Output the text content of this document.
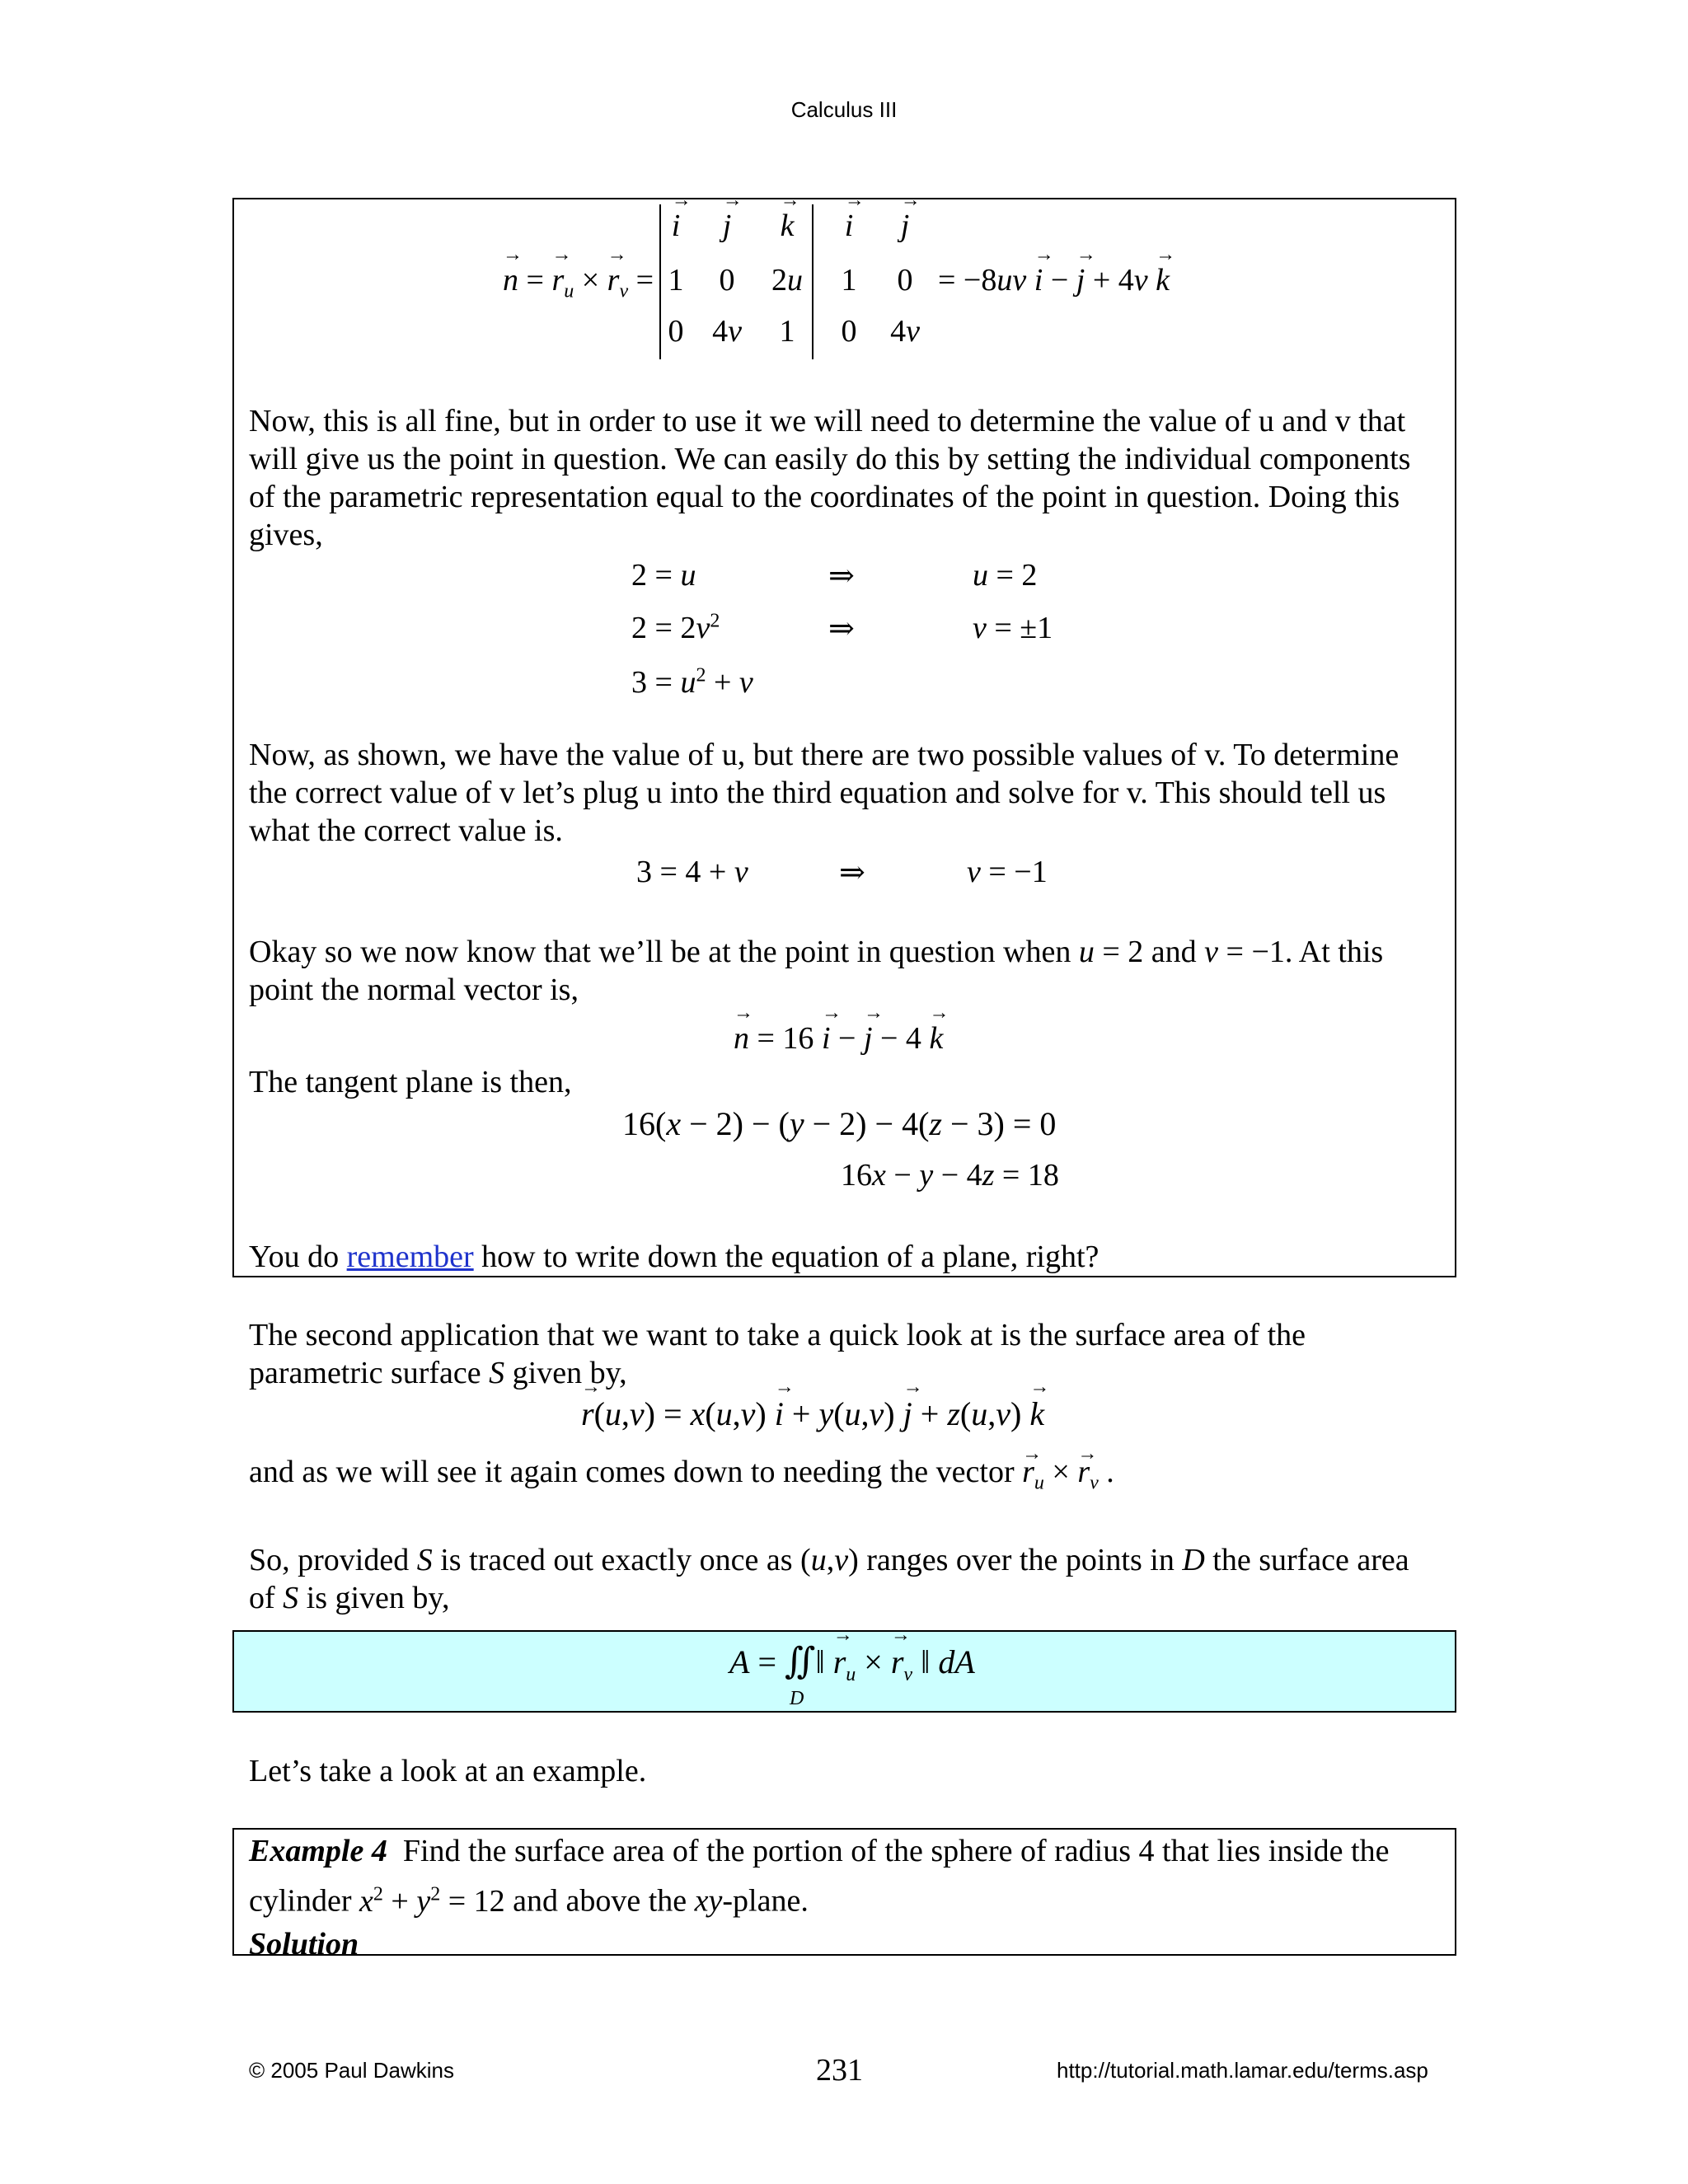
Calculus III
→ n = → $r_u$ × → $r_v$ =
→ i	→ j	→ k	→ i	→ j
1	0	2u	1	0
0 4v	1	0	4v
= −8uv → i − → j + 4v → k
Now, this is all fine, but in order to use it we will need to determine the value of u and v that will give us the point in question. We can easily do this by setting the individual components of the parametric representation equal to the coordinates of the point in question. Doing this gives,
2 = u	⇒	u = 2
$2 = 2v^2$	⇒	v = ±1
$3 = u^2 + v$
Now, as shown, we have the value of u, but there are two possible values of v. To determine the correct value of v let’s plug u into the third equation and solve for v. This should tell us what the correct value is.
3 = 4 + v	⇒	v = −1
Okay so we now know that we’ll be at the point in question when u = 2 and v = −1. At this point the normal vector is,
→ n = 16 → i − → j − 4 → k
The tangent plane is then,
16(x − 2) − (y − 2) − 4(z − 3) = 0
16x − y − 4z = 18
You do remember how to write down the equation of a plane, right?
The second application that we want to take a quick look at is the surface area of the parametric surface S given by,
→ r(u,v) = x(u,v) → i + y(u,v) → j + z(u,v) → k
and as we will see it again comes down to needing the vector → $r_u$ × → $r_v$ .
So, provided S is traced out exactly once as (u,v) ranges over the points in D the surface area of S is given by,
A = ∬‖ → $r_u$ × → $r_v$ ‖ dA
D
Let’s take a look at an example.
Example 4 Find the surface area of the portion of the sphere of radius 4 that lies inside the cylinder $x^2 + y^2 = 12$ and above the xy-plane.
Solution
© 2005 Paul Dawkins	231	http://tutorial.math.lamar.edu/terms.asp
